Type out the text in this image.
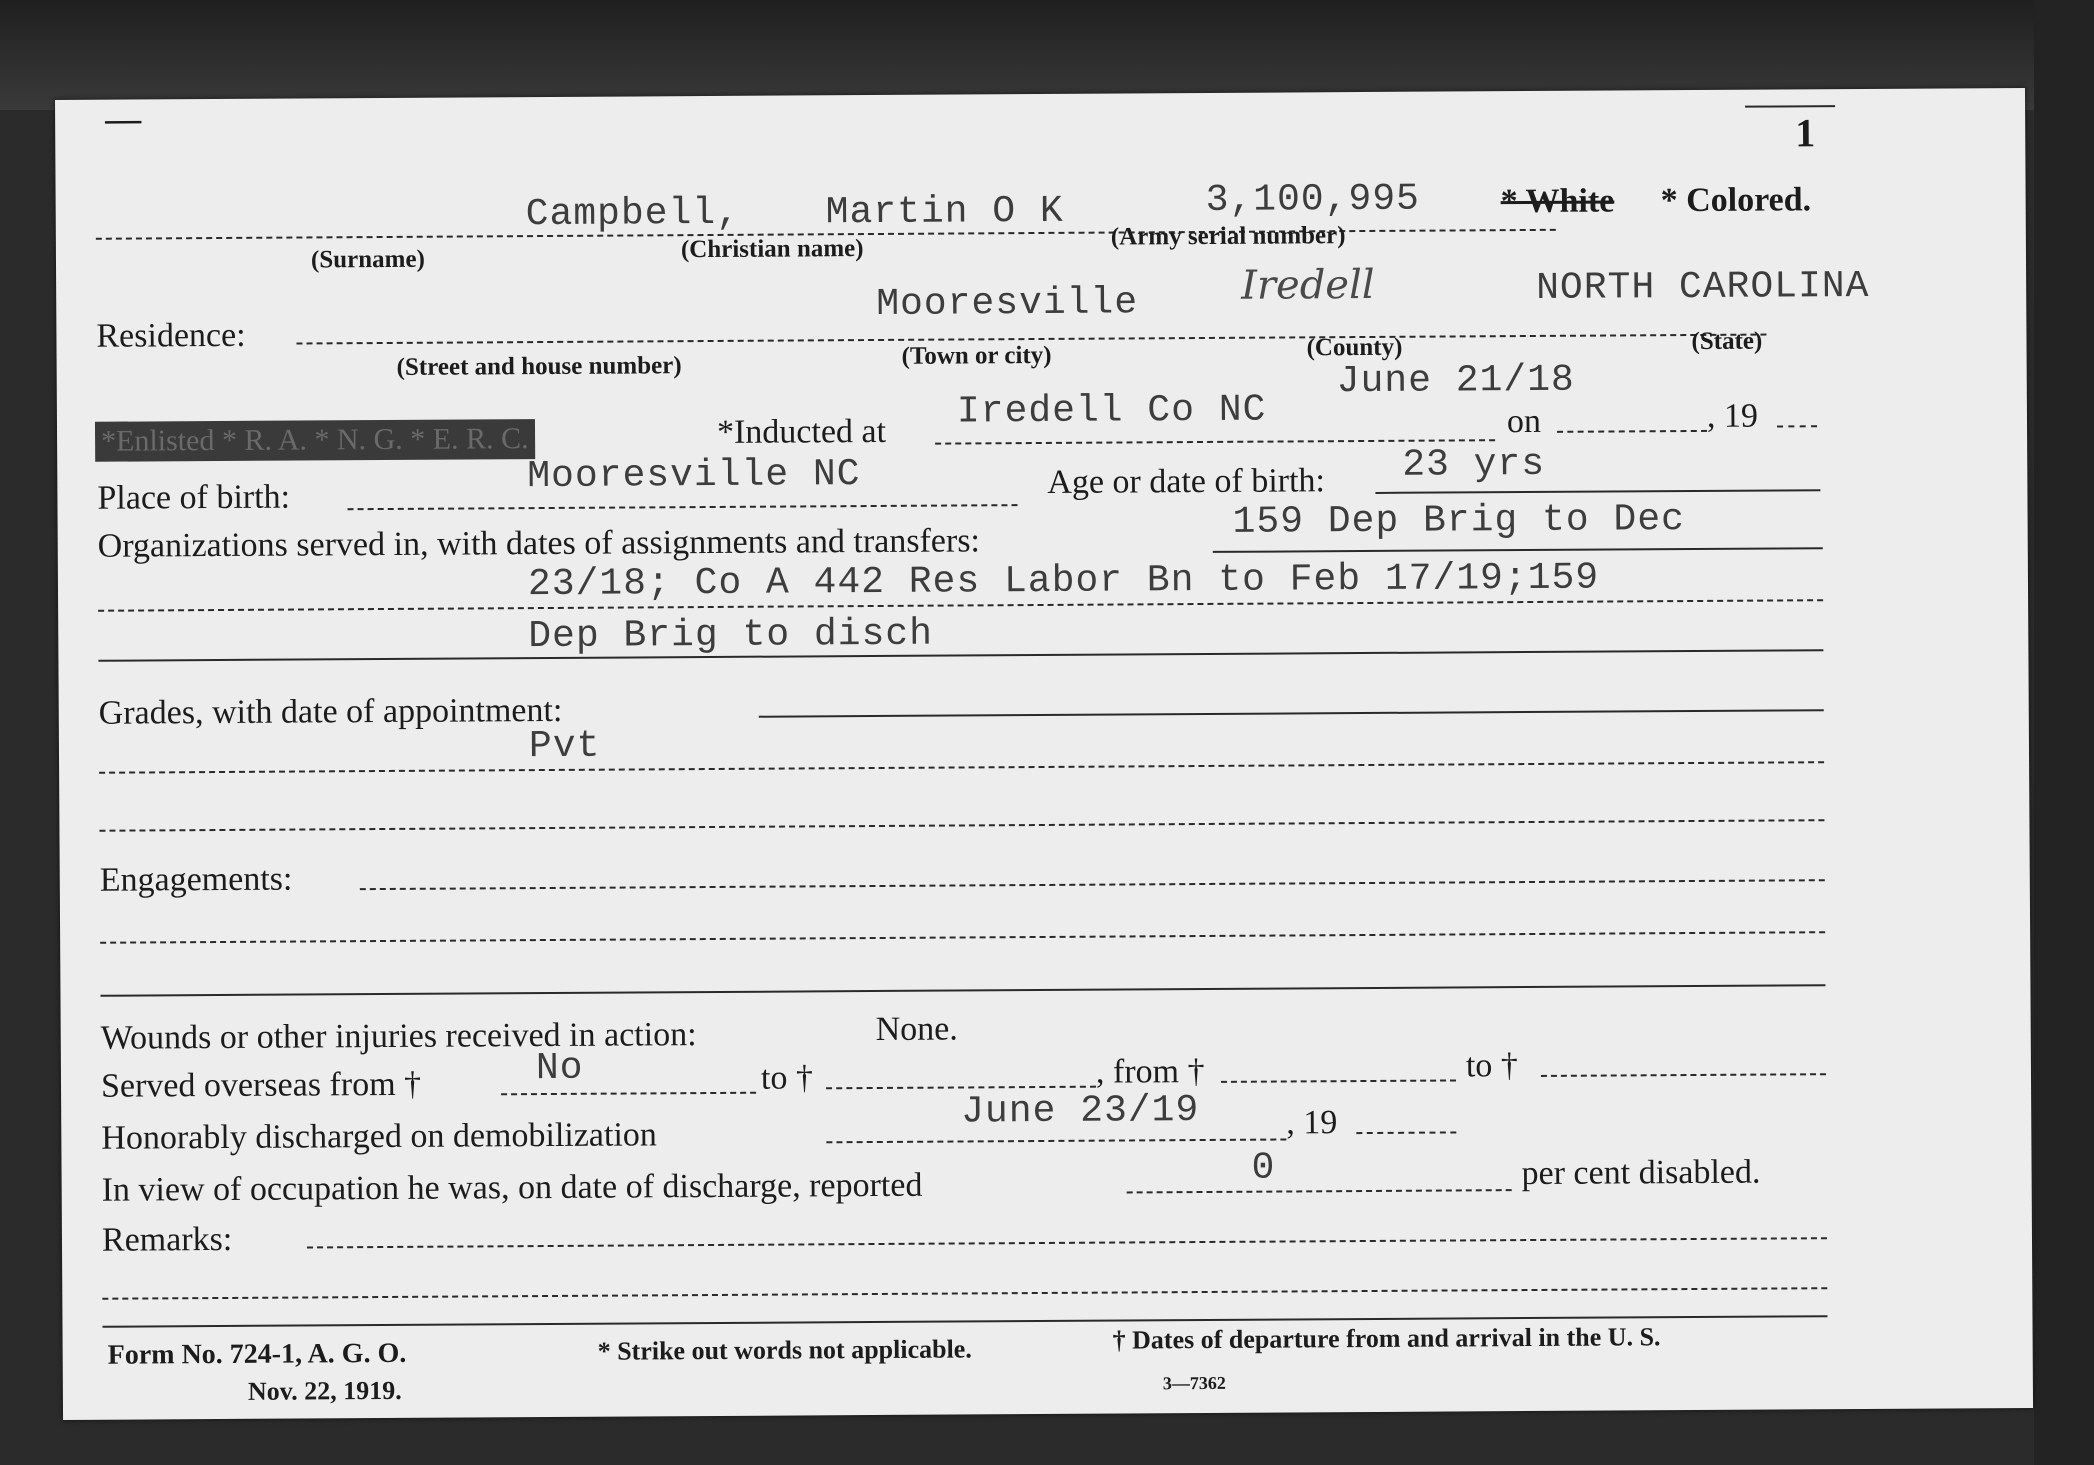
—	1
Campbell, Martin O K	3,100,995 * White * Colored.
(Surname)	(Christian name)	(Army serial number)
Residence:
Mooresville	Iredell	NORTH CAROLINA
(Street and house number)	(Town or city)	(County)	(State)
*Enlisted * R. A. * N. G. * E. R. C.	*Inducted at Iredell Co NC
June 21/18
on	, 19
Place of birth:	Mooresville NC	Age or date of birth: 23 yrs
Organizations served in, with dates of assignments and transfers:	159 Dep Brig to Dec
23/18; Co A 442 Res Labor Bn to Feb 17/19;159
Dep Brig to disch
Grades, with date of appointment:
Pvt
Engagements:
Wounds or other injuries received in action:	None.
Served overseas from †	No	to †	, from †	to †
Honorably discharged on demobilization
June 23/19	, 19
In view of occupation he was, on date of discharge, reported	0	per cent disabled.
Remarks:
Form No. 724-1, A. G. O.
Nov. 22, 1919.
* Strike out words not applicable.	† Dates of departure from and arrival in the U. S.
3—7362
